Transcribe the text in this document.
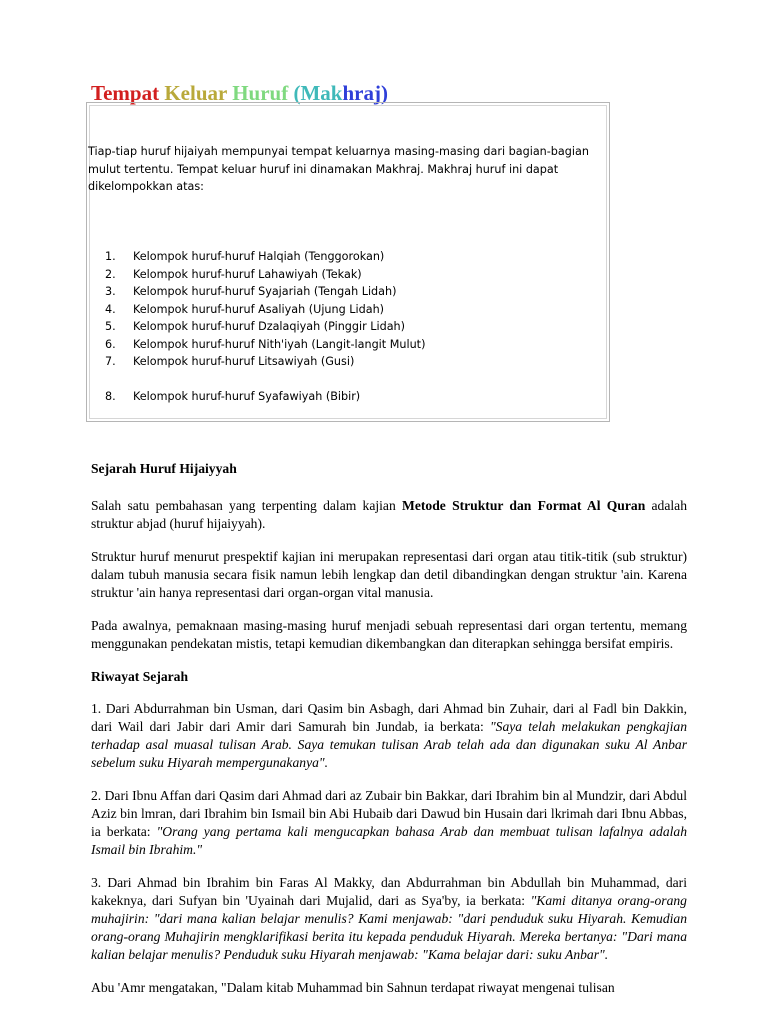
Tempat Keluar Huruf (Makhraj)

Tiap-tiap huruf hijaiyah mempunyai tempat keluarnya masing-masing dari bagian-bagian mulut tertentu. Tempat keluar huruf ini dinamakan Makhraj. Makhraj huruf ini dapat dikelompokkan atas:

1.	Kelompok huruf-huruf Halqiah (Tenggorokan)
2.	Kelompok huruf-huruf Lahawiyah (Tekak)
3.	Kelompok huruf-huruf Syajariah (Tengah Lidah)
4.	Kelompok huruf-huruf Asaliyah (Ujung Lidah)
5.	Kelompok huruf-huruf Dzalaqiyah (Pinggir Lidah)
6.	Kelompok huruf-huruf Nith'iyah (Langit-langit Mulut)
7.	Kelompok huruf-huruf Litsawiyah (Gusi)
8.	Kelompok huruf-huruf Syafawiyah (Bibir)

Sejarah Huruf Hijaiyyah

Salah satu pembahasan yang terpenting dalam kajian Metode Struktur dan Format Al Quran adalah struktur abjad (huruf hijaiyyah).

Struktur huruf menurut prespektif kajian ini merupakan representasi dari organ atau titik-titik (sub struktur) dalam tubuh manusia secara fisik namun lebih lengkap dan detil dibandingkan dengan struktur 'ain. Karena struktur 'ain hanya representasi dari organ-organ vital manusia.

Pada awalnya, pemaknaan masing-masing huruf menjadi sebuah representasi dari organ tertentu, memang menggunakan pendekatan mistis, tetapi kemudian dikembangkan dan diterapkan sehingga bersifat empiris.

Riwayat Sejarah

1. Dari Abdurrahman bin Usman, dari Qasim bin Asbagh, dari Ahmad bin Zuhair, dari al Fadl bin Dakkin, dari Wail dari Jabir dari Amir dari Samurah bin Jundab, ia berkata: "Saya telah melakukan pengkajian terhadap asal muasal tulisan Arab. Saya temukan tulisan Arab telah ada dan digunakan suku Al Anbar sebelum suku Hiyarah mempergunakanya".

2. Dari Ibnu Affan dari Qasim dari Ahmad dari az Zubair bin Bakkar, dari Ibrahim bin al Mundzir, dari Abdul Aziz bin lmran, dari Ibrahim bin Ismail bin Abi Hubaib dari Dawud bin Husain dari lkrimah dari Ibnu Abbas, ia berkata: "Orang yang pertama kali mengucapkan bahasa Arab dan membuat tulisan lafalnya adalah Ismail bin Ibrahim."

3. Dari Ahmad bin Ibrahim bin Faras Al Makky, dan Abdurrahman bin Abdullah bin Muhammad, dari kakeknya, dari Sufyan bin 'Uyainah dari Mujalid, dari as Sya'by, ia berkata: "Kami ditanya orang-orang muhajirin: "dari mana kalian belajar menulis? Kami menjawab: "dari penduduk suku Hiyarah. Kemudian orang-orang Muhajirin mengklarifikasi berita itu kepada penduduk Hiyarah. Mereka bertanya: "Dari mana kalian belajar menulis? Penduduk suku Hiyarah menjawab: "Kama belajar dari: suku Anbar".

Abu 'Amr mengatakan, "Dalam kitab Muhammad bin Sahnun terdapat riwayat mengenai tulisan
